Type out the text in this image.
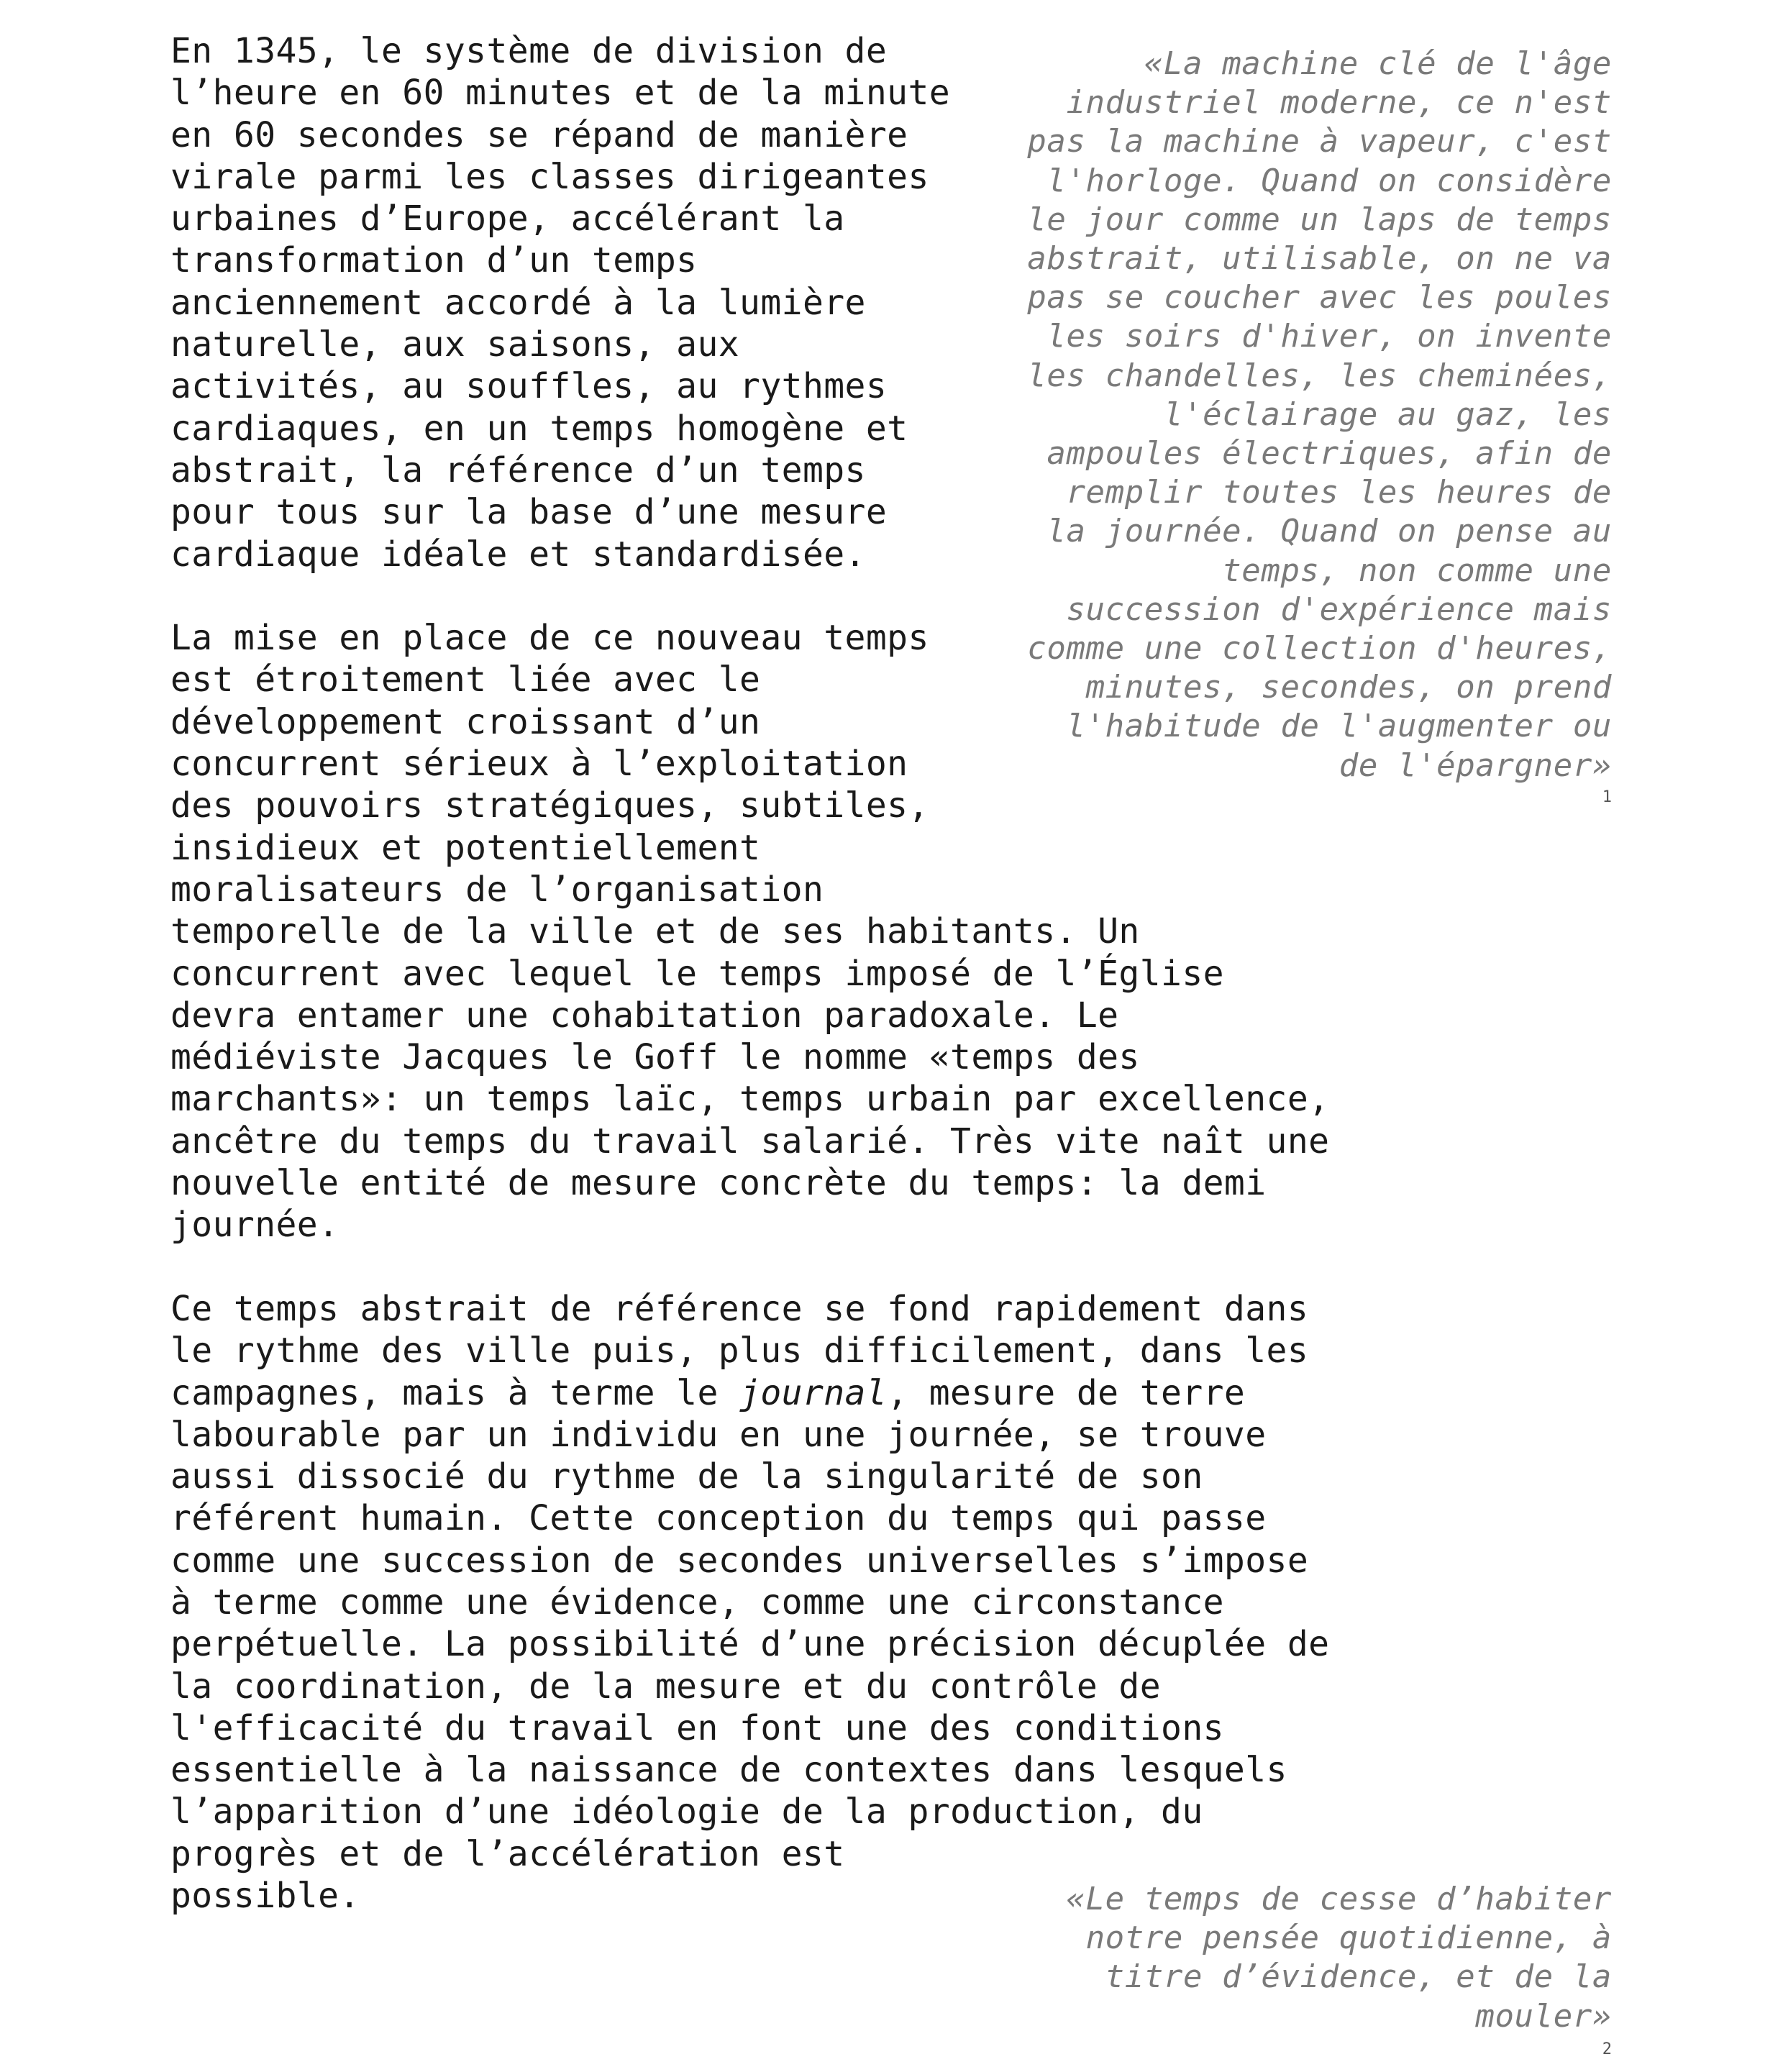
En 1345, le système de division de
l’heure en 60 minutes et de la minute
en 60 secondes se répand de manière
virale parmi les classes dirigeantes
urbaines d’Europe, accélérant la
transformation d’un temps
anciennement accordé à la lumière
naturelle, aux saisons, aux
activités, au souffles, au rythmes
cardiaques, en un temps homogène et
abstrait, la référence d’un temps
pour tous sur la base d’une mesure
cardiaque idéale et standardisée.
La mise en place de ce nouveau temps
est étroitement liée avec le
développement croissant d’un
concurrent sérieux à l’exploitation
des pouvoirs stratégiques, subtiles,
insidieux et potentiellement
moralisateurs de l’organisation
temporelle de la ville et de ses habitants. Un
concurrent avec lequel le temps imposé de l’Église
devra entamer une cohabitation paradoxale. Le
médiéviste Jacques le Goff le nomme «temps des
marchants»: un temps laïc, temps urbain par excellence,
ancêtre du temps du travail salarié. Très vite naît une
nouvelle entité de mesure concrète du temps: la demi
journée.
Ce temps abstrait de référence se fond rapidement dans
le rythme des ville puis, plus difficilement, dans les
campagnes, mais à terme le journal, mesure de terre
labourable par un individu en une journée, se trouve
aussi dissocié du rythme de la singularité de son
référent humain. Cette conception du temps qui passe
comme une succession de secondes universelles s’impose
à terme comme une évidence, comme une circonstance
perpétuelle. La possibilité d’une précision décuplée de
la coordination, de la mesure et du contrôle de
l'efficacité du travail en font une des conditions
essentielle à la naissance de contextes dans lesquels
l’apparition d’une idéologie de la production, du
progrès et de l’accélération est
possible.
«La machine clé de l'âge
industriel moderne, ce n'est
pas la machine à vapeur, c'est
l'horloge. Quand on considère
le jour comme un laps de temps
abstrait, utilisable, on ne va
pas se coucher avec les poules
les soirs d'hiver, on invente
les chandelles, les cheminées,
l'éclairage au gaz, les
ampoules électriques, afin de
remplir toutes les heures de
la journée. Quand on pense au
temps, non comme une
succession d'expérience mais
comme une collection d'heures,
minutes, secondes, on prend
l'habitude de l'augmenter ou
de l'épargner»
1
«Le temps de cesse d’habiter
notre pensée quotidienne, à
titre d’évidence, et de la
mouler»
2
